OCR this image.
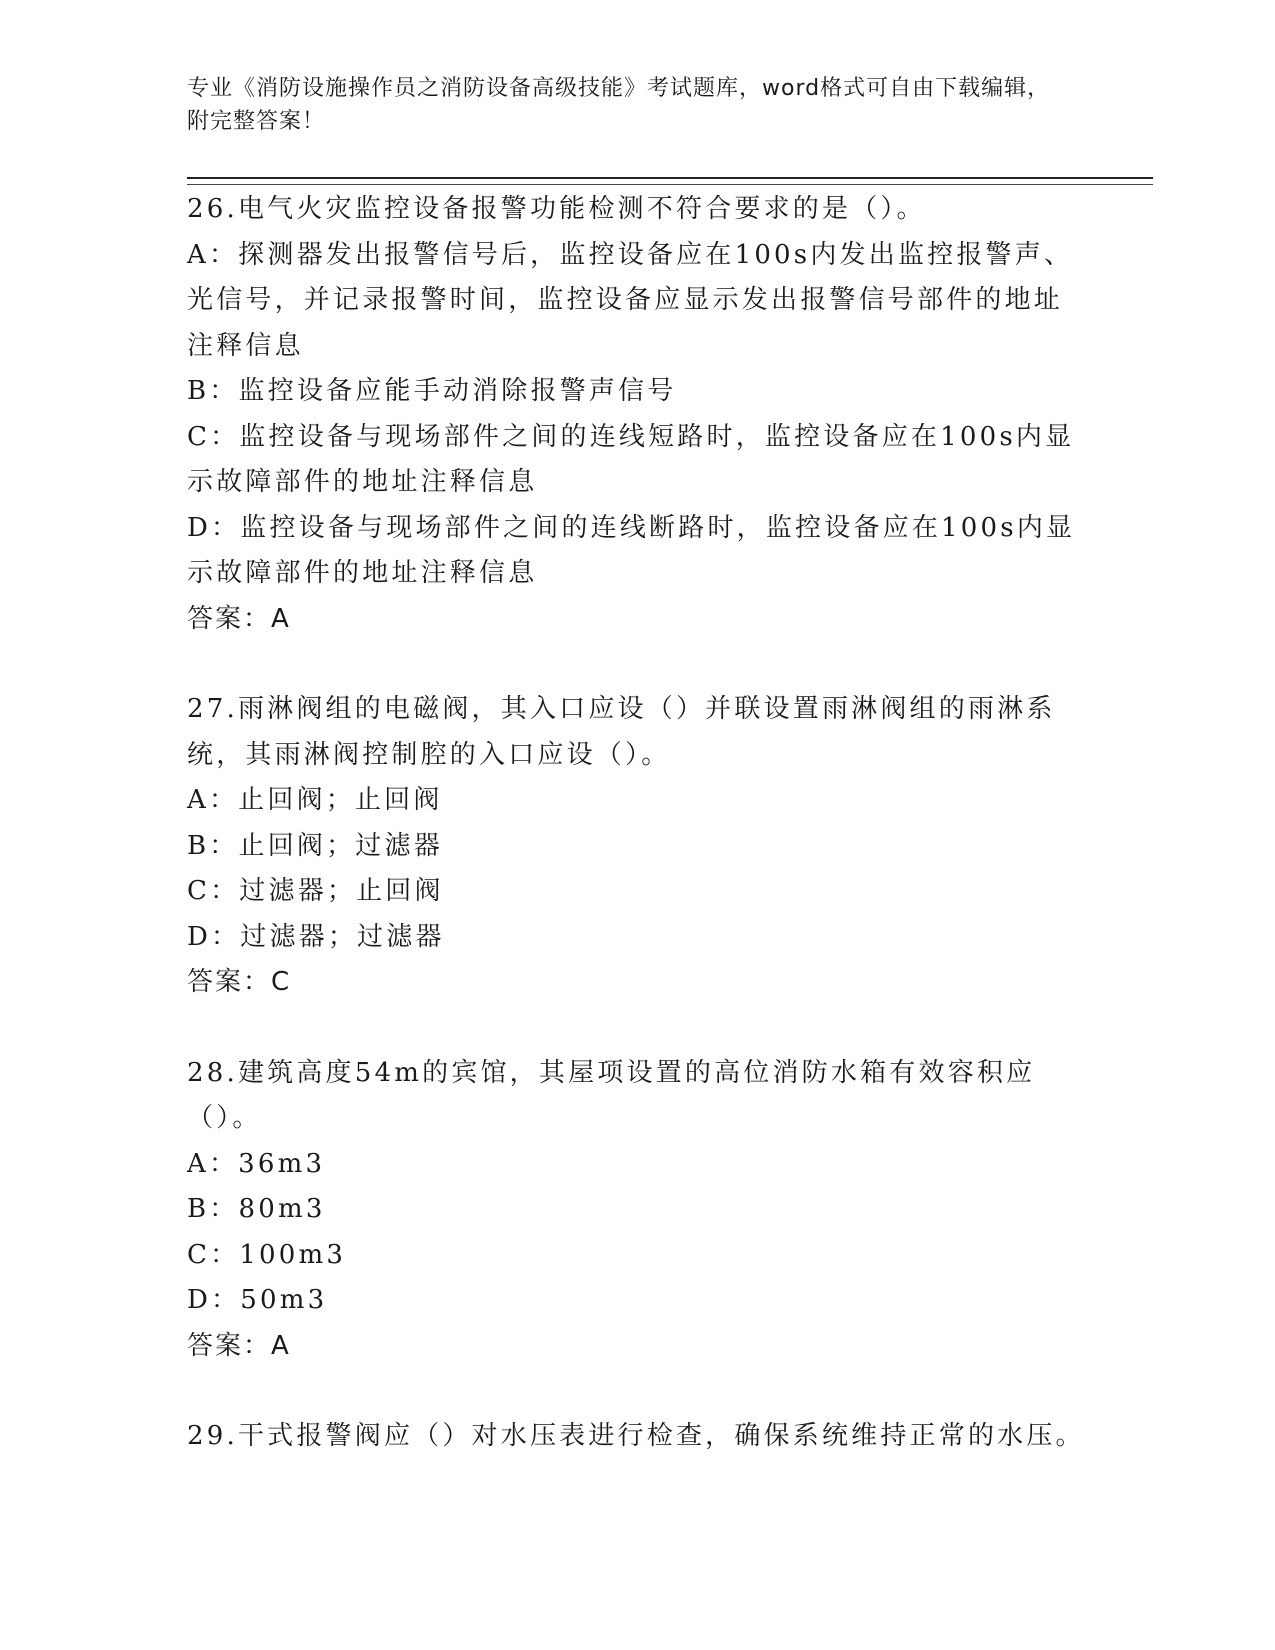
专业《消防设施操作员之消防设备高级技能》考试题库，word格式可自由下载编辑，附完整答案！
26.电气火灾监控设备报警功能检测不符合要求的是（）。
A：探测器发出报警信号后，监控设备应在100s内发出监控报警声、光信号，并记录报警时间，监控设备应显示发出报警信号部件的地址注释信息
B：监控设备应能手动消除报警声信号
C：监控设备与现场部件之间的连线短路时，监控设备应在100s内显示故障部件的地址注释信息
D：监控设备与现场部件之间的连线断路时，监控设备应在100s内显示故障部件的地址注释信息
答案：A
27.雨淋阀组的电磁阀，其入口应设（）并联设置雨淋阀组的雨淋系统，其雨淋阀控制腔的入口应设（）。
A：止回阀；止回阀
B：止回阀；过滤器
C：过滤器；止回阀
D：过滤器；过滤器
答案：C
28.建筑高度54m的宾馆，其屋项设置的高位消防水箱有效容积应（）。
A：36m3
B：80m3
C：100m3
D：50m3
答案：A
29.干式报警阀应（）对水压表进行检查，确保系统维持正常的水压。
